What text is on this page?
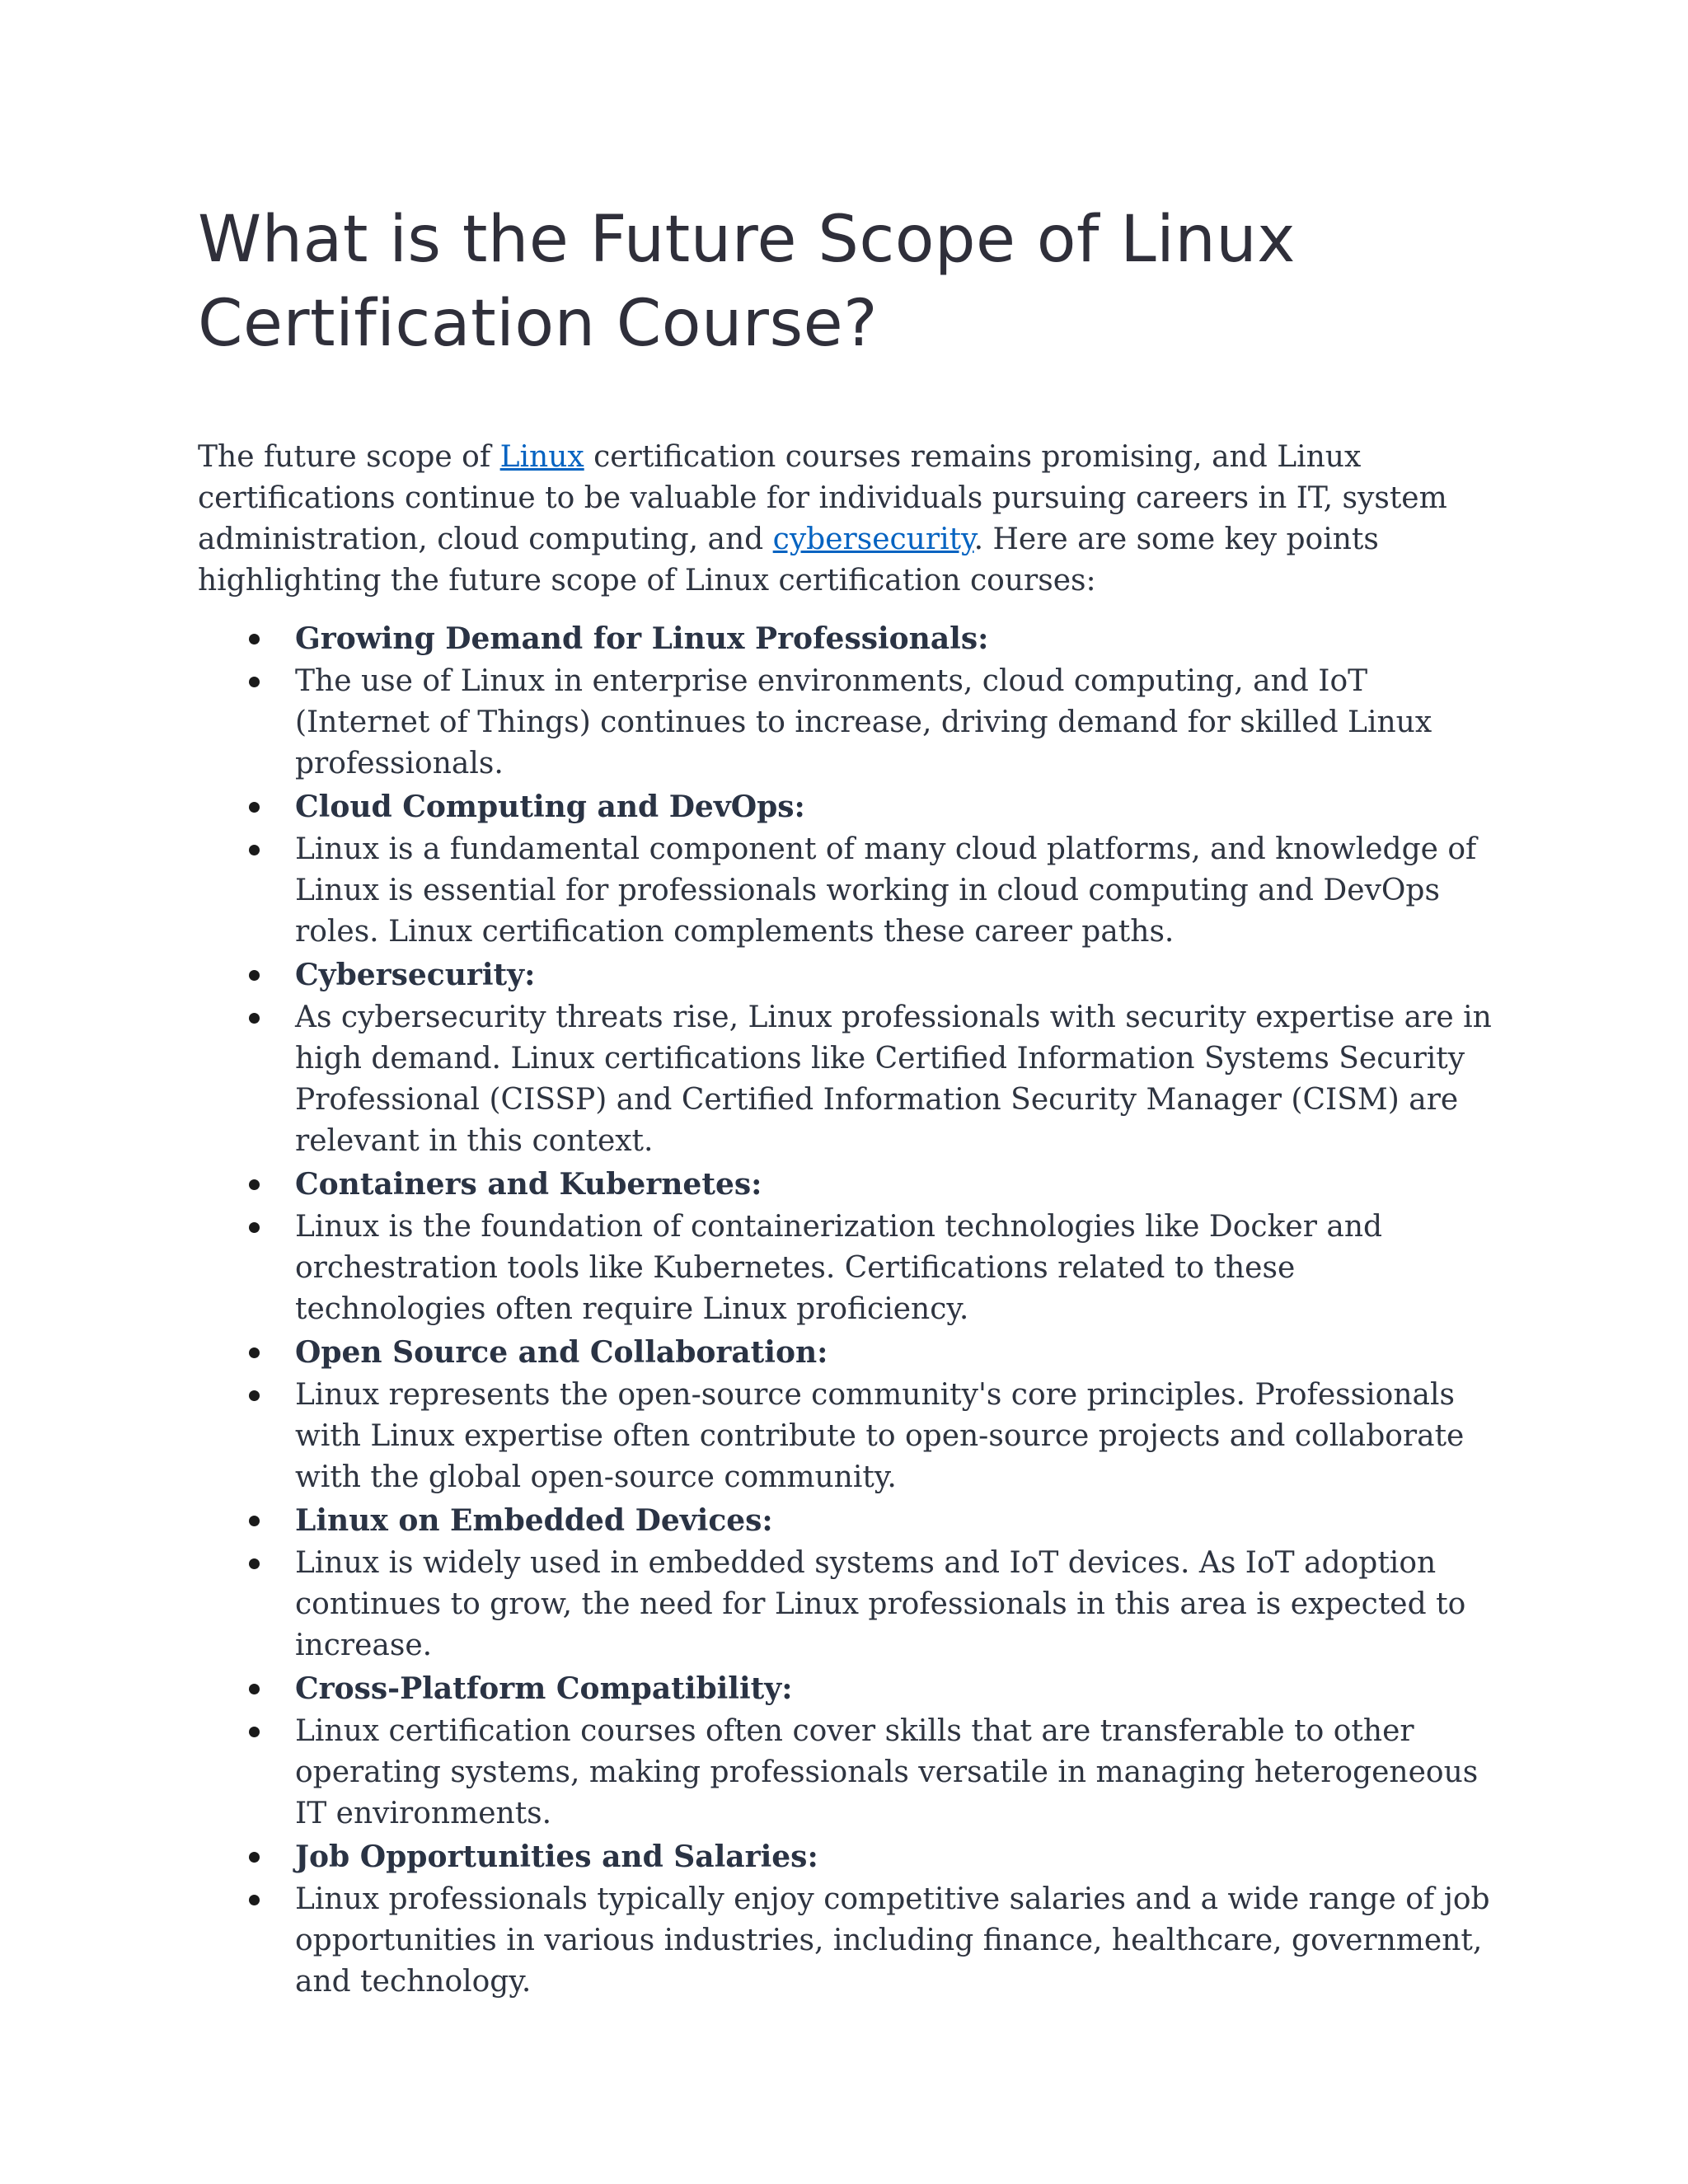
What is the Future Scope of Linux Certification Course?

The future scope of Linux certification courses remains promising, and Linux certifications continue to be valuable for individuals pursuing careers in IT, system administration, cloud computing, and cybersecurity. Here are some key points highlighting the future scope of Linux certification courses:

Growing Demand for Linux Professionals:
The use of Linux in enterprise environments, cloud computing, and IoT (Internet of Things) continues to increase, driving demand for skilled Linux professionals.
Cloud Computing and DevOps:
Linux is a fundamental component of many cloud platforms, and knowledge of Linux is essential for professionals working in cloud computing and DevOps roles. Linux certification complements these career paths.
Cybersecurity:
As cybersecurity threats rise, Linux professionals with security expertise are in high demand. Linux certifications like Certified Information Systems Security Professional (CISSP) and Certified Information Security Manager (CISM) are relevant in this context.
Containers and Kubernetes:
Linux is the foundation of containerization technologies like Docker and orchestration tools like Kubernetes. Certifications related to these technologies often require Linux proficiency.
Open Source and Collaboration:
Linux represents the open-source community's core principles. Professionals with Linux expertise often contribute to open-source projects and collaborate with the global open-source community.
Linux on Embedded Devices:
Linux is widely used in embedded systems and IoT devices. As IoT adoption continues to grow, the need for Linux professionals in this area is expected to increase.
Cross-Platform Compatibility:
Linux certification courses often cover skills that are transferable to other operating systems, making professionals versatile in managing heterogeneous IT environments.
Job Opportunities and Salaries:
Linux professionals typically enjoy competitive salaries and a wide range of job opportunities in various industries, including finance, healthcare, government, and technology.
